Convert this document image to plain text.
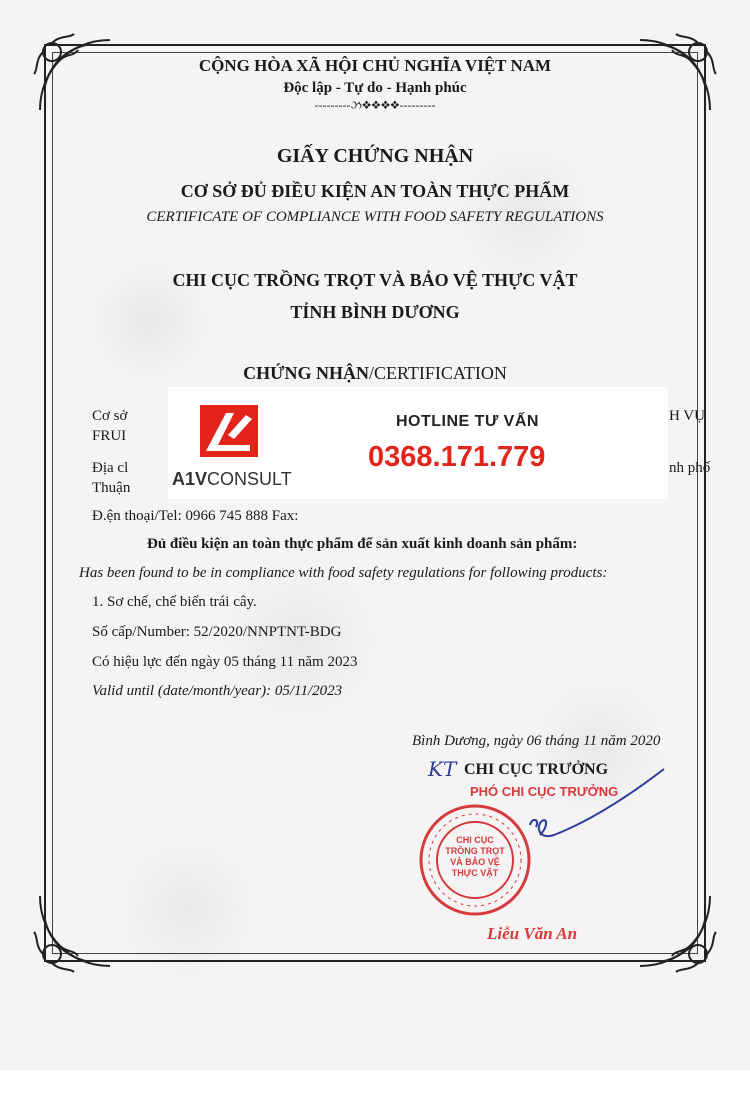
CỘNG HÒA XÃ HỘI CHỦ NGHĨA VIỆT NAM
Độc lập - Tự do - Hạnh phúc
---------ઝ❖❖❖❖---------
GIẤY CHỨNG NHẬN
CƠ SỞ ĐỦ ĐIỀU KIỆN AN TOÀN THỰC PHẨM
CERTIFICATE OF COMPLIANCE WITH FOOD SAFETY REGULATIONS
CHI CỤC TRỒNG TRỌT VÀ BẢO VỆ THỰC VẬT
TỈNH BÌNH DƯƠNG
CHỨNG NHẬN/CERTIFICATION
Cơ sở	H VỤ
FRUI
Địa cl	nh phố
Thuận A1VCONSULT
HOTLINE TƯ VẤN
0368.171.779
Đ.ện thoại/Tel: 0966 745 888 Fax:
Đủ điều kiện an toàn thực phẩm để sản xuất kinh doanh sản phẩm:
Has been found to be in compliance with food safety regulations for following products:
1. Sơ chế, chế biến trái cây.
Số cấp/Number: 52/2020/NNPTNT-BDG
Có hiệu lực đến ngày 05 tháng 11 năm 2023
Valid until (date/month/year): 05/11/2023
Bình Dương, ngày 06 tháng 11 năm 2020
CHI CỤC
TRỒNG TRỌT
VÀ BẢO VỆ
THỰC VẬT
KT CHI CỤC TRƯỞNG
PHÓ CHI CỤC TRƯỞNG
Liễu Văn An
